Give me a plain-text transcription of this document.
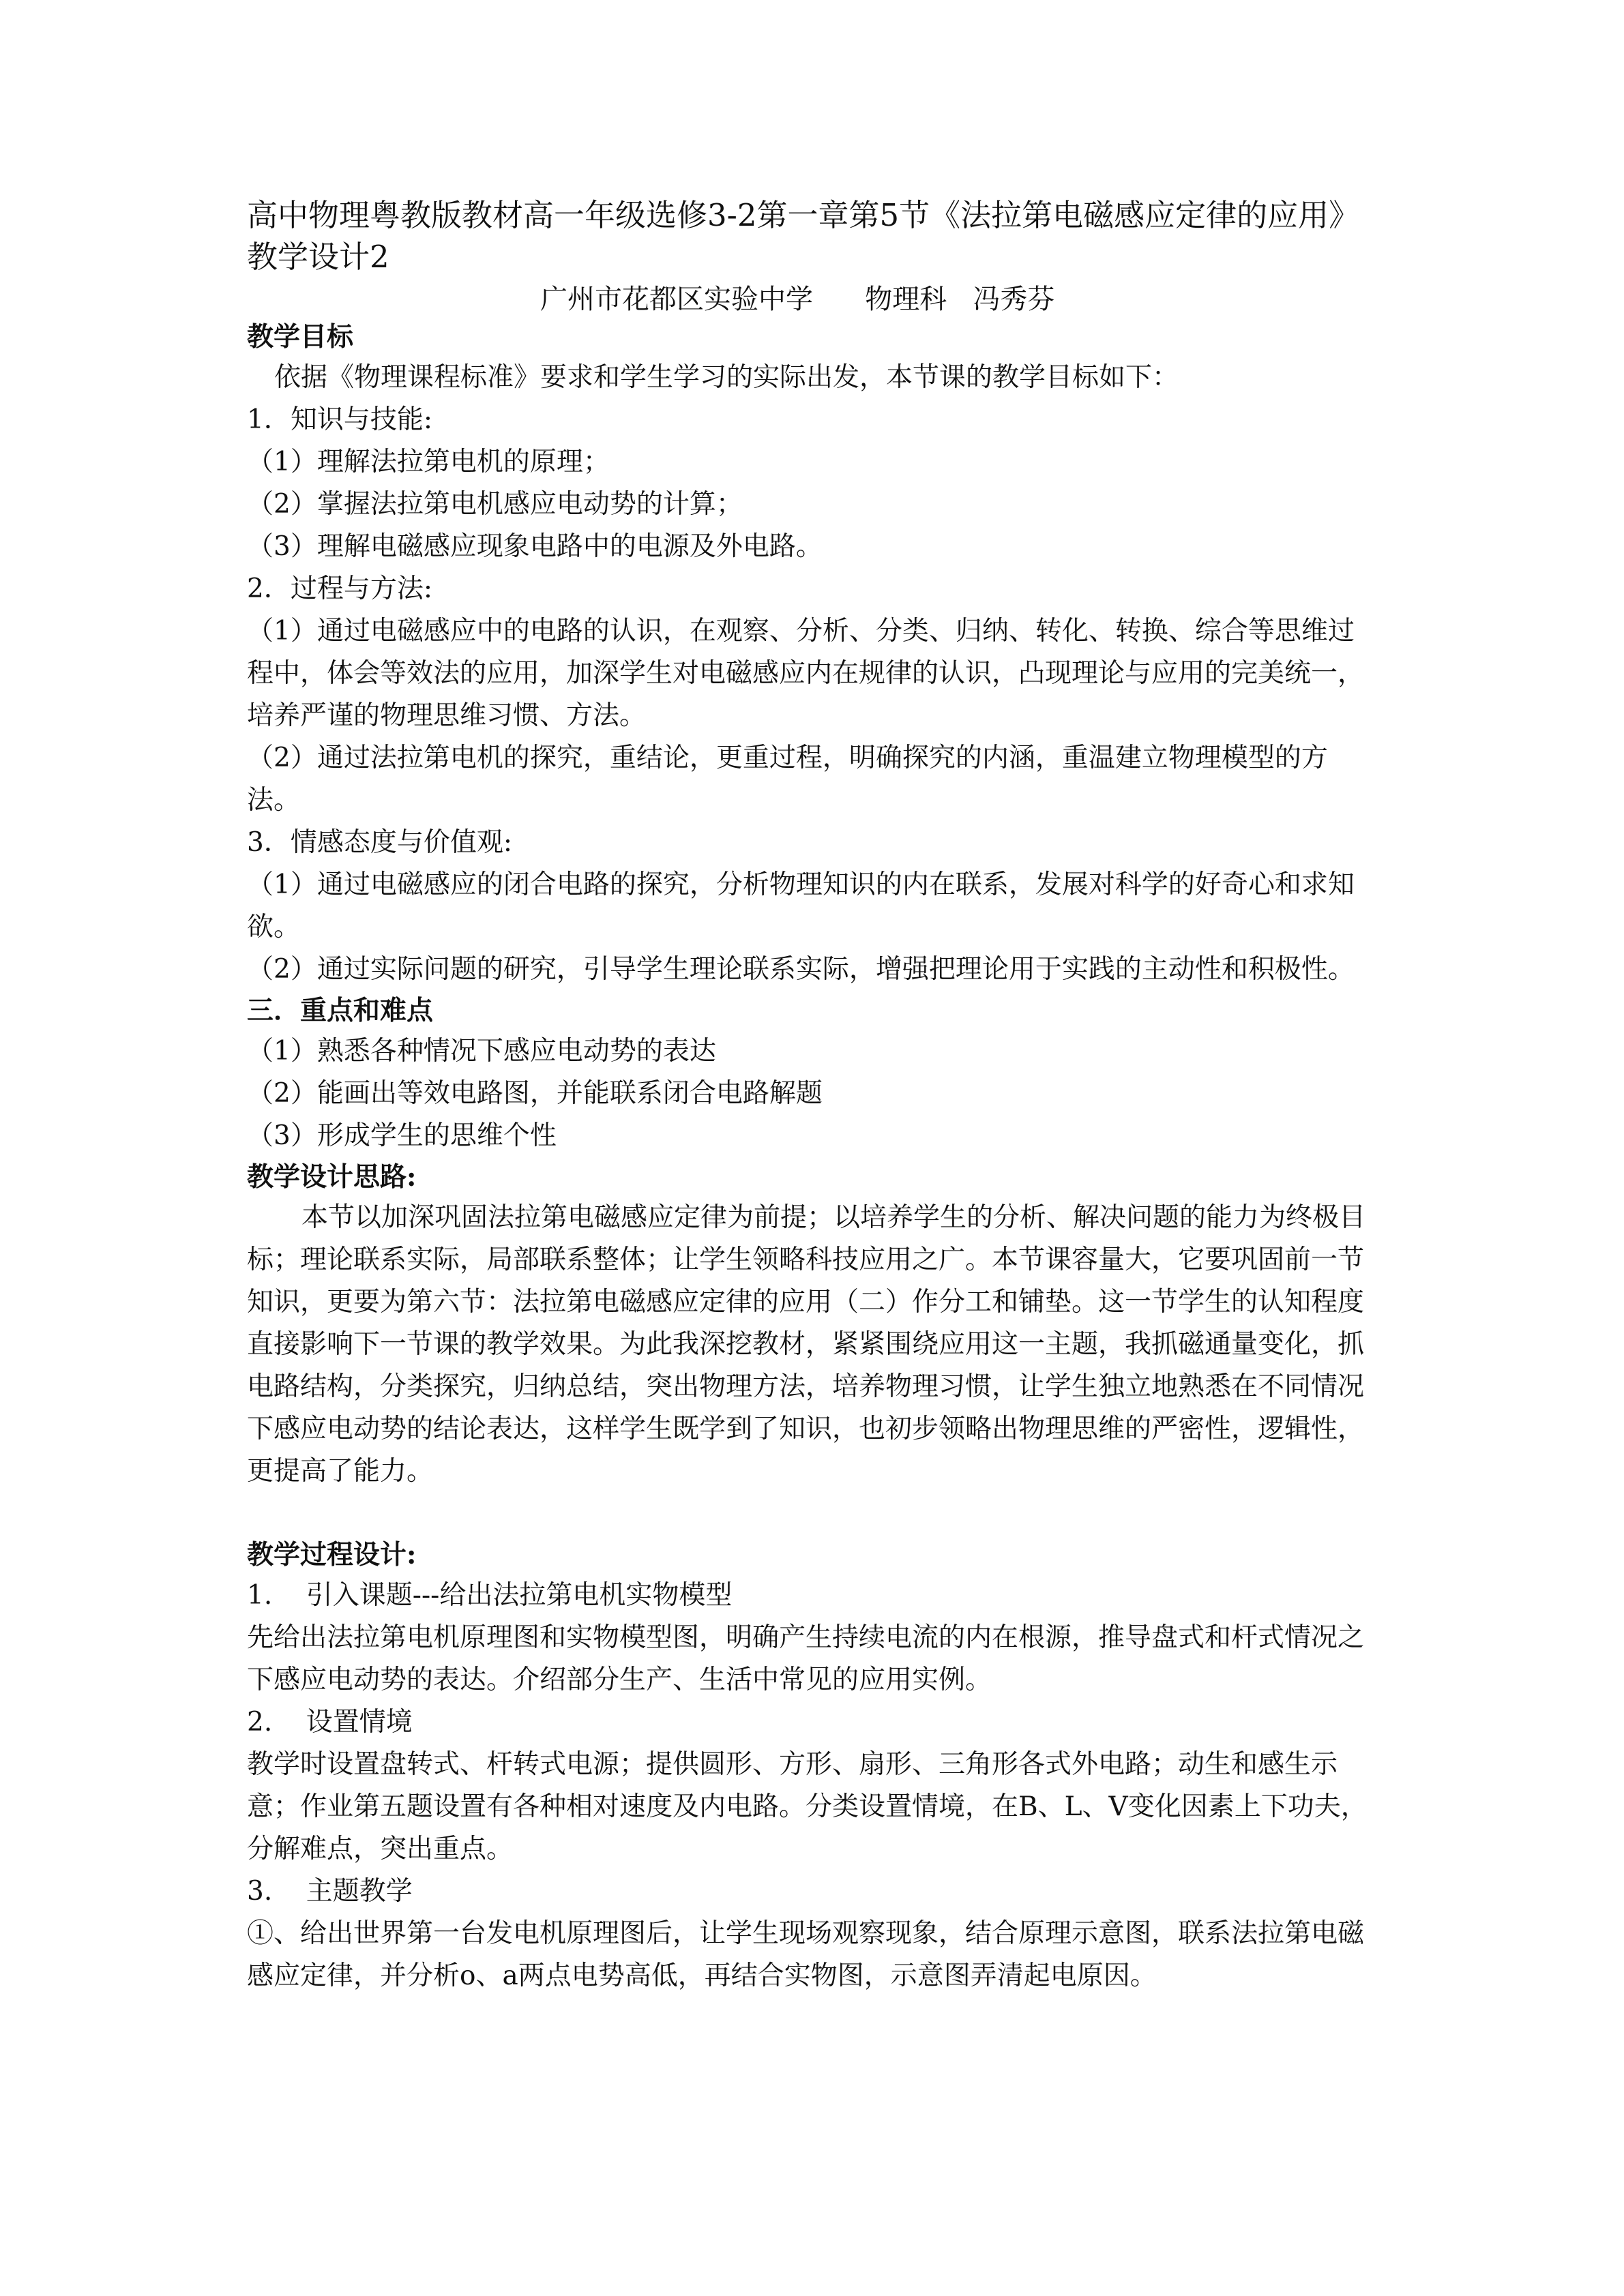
高中物理粤教版教材高一年级选修3-2第一章第5节《法拉第电磁感应定律的应用》教学设计2

广州市花都区实验中学      物理科   冯秀芬

教学目标

依据《物理课程标准》要求和学生学习的实际出发，本节课的教学目标如下：

1．知识与技能:

（1）理解法拉第电机的原理；

（2）掌握法拉第电机感应电动势的计算；

（3）理解电磁感应现象电路中的电源及外电路。

2．过程与方法:

（1）通过电磁感应中的电路的认识，在观察、分析、分类、归纳、转化、转换、综合等思维过程中，体会等效法的应用，加深学生对电磁感应内在规律的认识，凸现理论与应用的完美统一，培养严谨的物理思维习惯、方法。

（2）通过法拉第电机的探究，重结论，更重过程，明确探究的内涵，重温建立物理模型的方法。

3．情感态度与价值观:

（1）通过电磁感应的闭合电路的探究，分析物理知识的内在联系，发展对科学的好奇心和求知欲。

（2）通过实际问题的研究，引导学生理论联系实际，增强把理论用于实践的主动性和积极性。

三．重点和难点

（1）熟悉各种情况下感应电动势的表达

（2）能画出等效电路图，并能联系闭合电路解题

（3）形成学生的思维个性

教学设计思路:

本节以加深巩固法拉第电磁感应定律为前提；以培养学生的分析、解决问题的能力为终极目标；理论联系实际，局部联系整体；让学生领略科技应用之广。本节课容量大，它要巩固前一节知识，更要为第六节：法拉第电磁感应定律的应用（二）作分工和铺垫。这一节学生的认知程度直接影响下一节课的教学效果。为此我深挖教材，紧紧围绕应用这一主题，我抓磁通量变化，抓电路结构，分类探究，归纳总结，突出物理方法，培养物理习惯，让学生独立地熟悉在不同情况下感应电动势的结论表达，这样学生既学到了知识，也初步领略出物理思维的严密性，逻辑性，更提高了能力。

教学过程设计:

1.    引入课题---给出法拉第电机实物模型

先给出法拉第电机原理图和实物模型图，明确产生持续电流的内在根源，推导盘式和杆式情况之下感应电动势的表达。介绍部分生产、生活中常见的应用实例。

2.    设置情境

教学时设置盘转式、杆转式电源；提供圆形、方形、扇形、三角形各式外电路；动生和感生示意；作业第五题设置有各种相对速度及内电路。分类设置情境，在B、L、V变化因素上下功夫，分解难点，突出重点。

3.    主题教学

①、给出世界第一台发电机原理图后，让学生现场观察现象，结合原理示意图，联系法拉第电磁感应定律，并分析o、a两点电势高低，再结合实物图，示意图弄清起电原因。
